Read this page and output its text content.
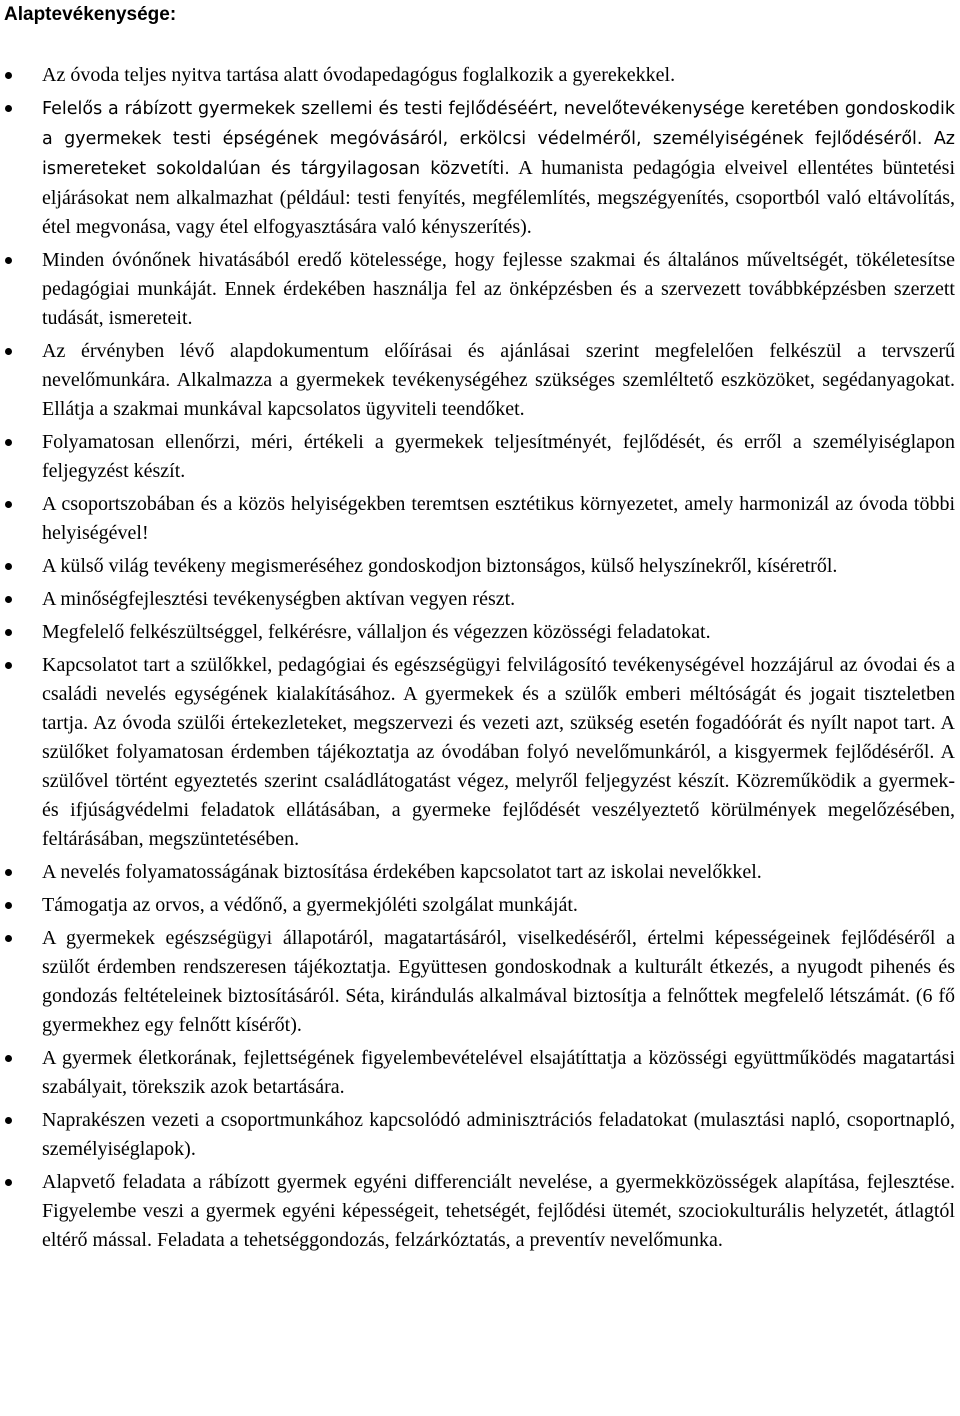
Alaptevékenysége:
Az óvoda teljes nyitva tartása alatt óvodapedagógus foglalkozik a gyerekekkel.
Felelős a rábízott gyermekek szellemi és testi fejlődéséért, nevelőtevékenysége keretében gondoskodik a gyermekek testi épségének megóvásáról, erkölcsi védelméről, személyiségének fejlődéséről. Az ismereteket sokoldalúan és tárgyilagosan közvetíti. A humanista pedagógia elveivel ellentétes büntetési eljárásokat nem alkalmazhat (például: testi fenyítés, megfélemlítés, megszégyenítés, csoportból való eltávolítás, étel megvonása, vagy étel elfogyasztására való kényszerítés).
Minden óvónőnek hivatásából eredő kötelessége, hogy fejlesse szakmai és általános műveltségét, tökéletesítse pedagógiai munkáját. Ennek érdekében használja fel az önképzésben és a szervezett továbbképzésben szerzett tudását, ismereteit.
Az érvényben lévő alapdokumentum előírásai és ajánlásai szerint megfelelően felkészül a tervszerű nevelőmunkára. Alkalmazza a gyermekek tevékenységéhez szükséges szemléltető eszközöket, segédanyagokat. Ellátja a szakmai munkával kapcsolatos ügyviteli teendőket.
Folyamatosan ellenőrzi, méri, értékeli a gyermekek teljesítményét, fejlődését, és erről a személyiséglapon feljegyzést készít.
A csoportszobában és a közös helyiségekben teremtsen esztétikus környezetet, amely harmonizál az óvoda többi helyiségével!
A külső világ tevékeny megismeréséhez gondoskodjon biztonságos, külső helyszínekről, kíséretről.
A minőségfejlesztési tevékenységben aktívan vegyen részt.
Megfelelő felkészültséggel, felkérésre, vállaljon és végezzen közösségi feladatokat.
Kapcsolatot tart a szülőkkel, pedagógiai és egészségügyi felvilágosító tevékenységével hozzájárul az óvodai és a családi nevelés egységének kialakításához. A gyermekek és a szülők emberi méltóságát és jogait tiszteletben tartja. Az óvoda szülői értekezleteket, megszervezi és vezeti azt, szükség esetén fogadóórát és nyílt napot tart. A szülőket folyamatosan érdemben tájékoztatja az óvodában folyó nevelőmunkáról, a kisgyermek fejlődéséről. A szülővel történt egyeztetés szerint családlátogatást végez, melyről feljegyzést készít. Közreműködik a gyermek- és ifjúságvédelmi feladatok ellátásában, a gyermeke fejlődését veszélyeztető körülmények megelőzésében, feltárásában, megszüntetésében.
A nevelés folyamatosságának biztosítása érdekében kapcsolatot tart az iskolai nevelőkkel.
Támogatja az orvos, a védőnő, a gyermekjóléti szolgálat munkáját.
A gyermekek egészségügyi állapotáról, magatartásáról, viselkedéséről, értelmi képességeinek fejlődéséről a szülőt érdemben rendszeresen tájékoztatja. Együttesen gondoskodnak a kulturált étkezés, a nyugodt pihenés és gondozás feltételeinek biztosításáról. Séta, kirándulás alkalmával biztosítja a felnőttek megfelelő létszámát. (6 fő gyermekhez egy felnőtt kísérőt).
A gyermek életkorának, fejlettségének figyelembevételével elsajátíttatja a közösségi együttműködés magatartási szabályait, törekszik azok betartására.
Naprakészen vezeti a csoportmunkához kapcsolódó adminisztrációs feladatokat (mulasztási napló, csoportnapló, személyiséglapok).
Alapvető feladata a rábízott gyermek egyéni differenciált nevelése, a gyermekközösségek alapítása, fejlesztése. Figyelembe veszi a gyermek egyéni képességeit, tehetségét, fejlődési ütemét, szociokulturális helyzetét, átlagtól eltérő mással. Feladata a tehetséggondozás, felzárkóztatás, a preventív nevelőmunka.
